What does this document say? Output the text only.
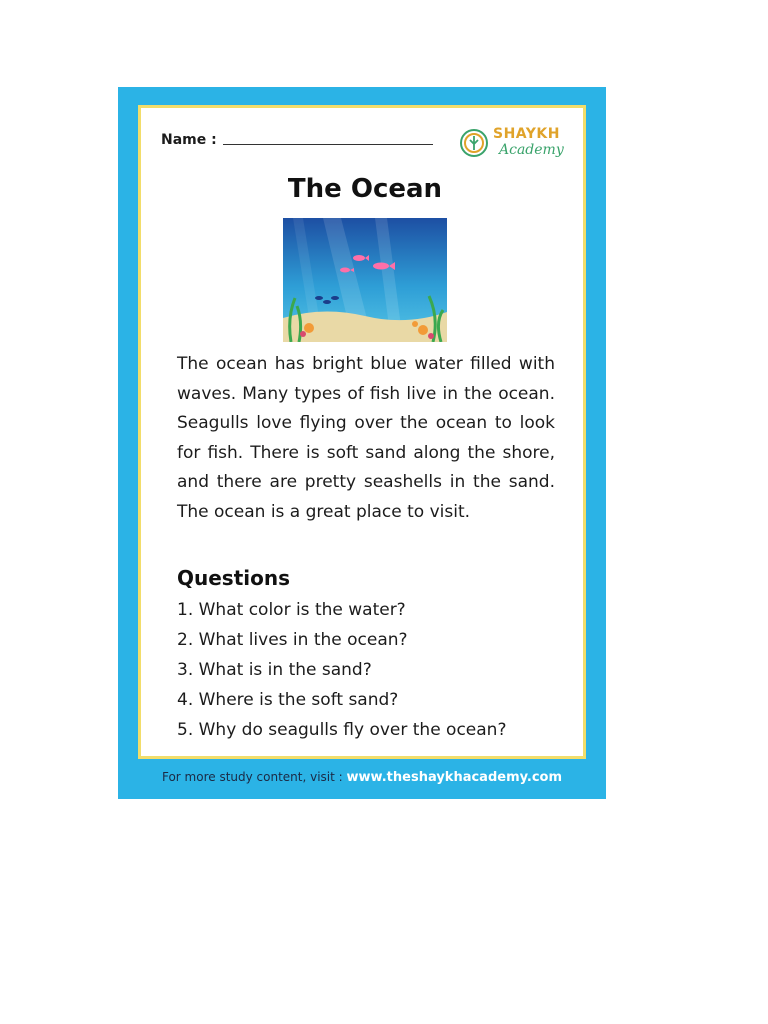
Name :	SHAYKH
Academy
The Ocean

The ocean has bright blue water filled with waves. Many types of fish live in the ocean. Seagulls love flying over the ocean to look for fish. There is soft sand along the shore, and there are pretty seashells in the sand. The ocean is a great place to visit.

Questions
1. What color is the water?
2. What lives in the ocean?
3. What is in the sand?
4. Where is the soft sand?
5. Why do seagulls fly over the ocean?
For more study content, visit : www.theshaykhacademy.com
